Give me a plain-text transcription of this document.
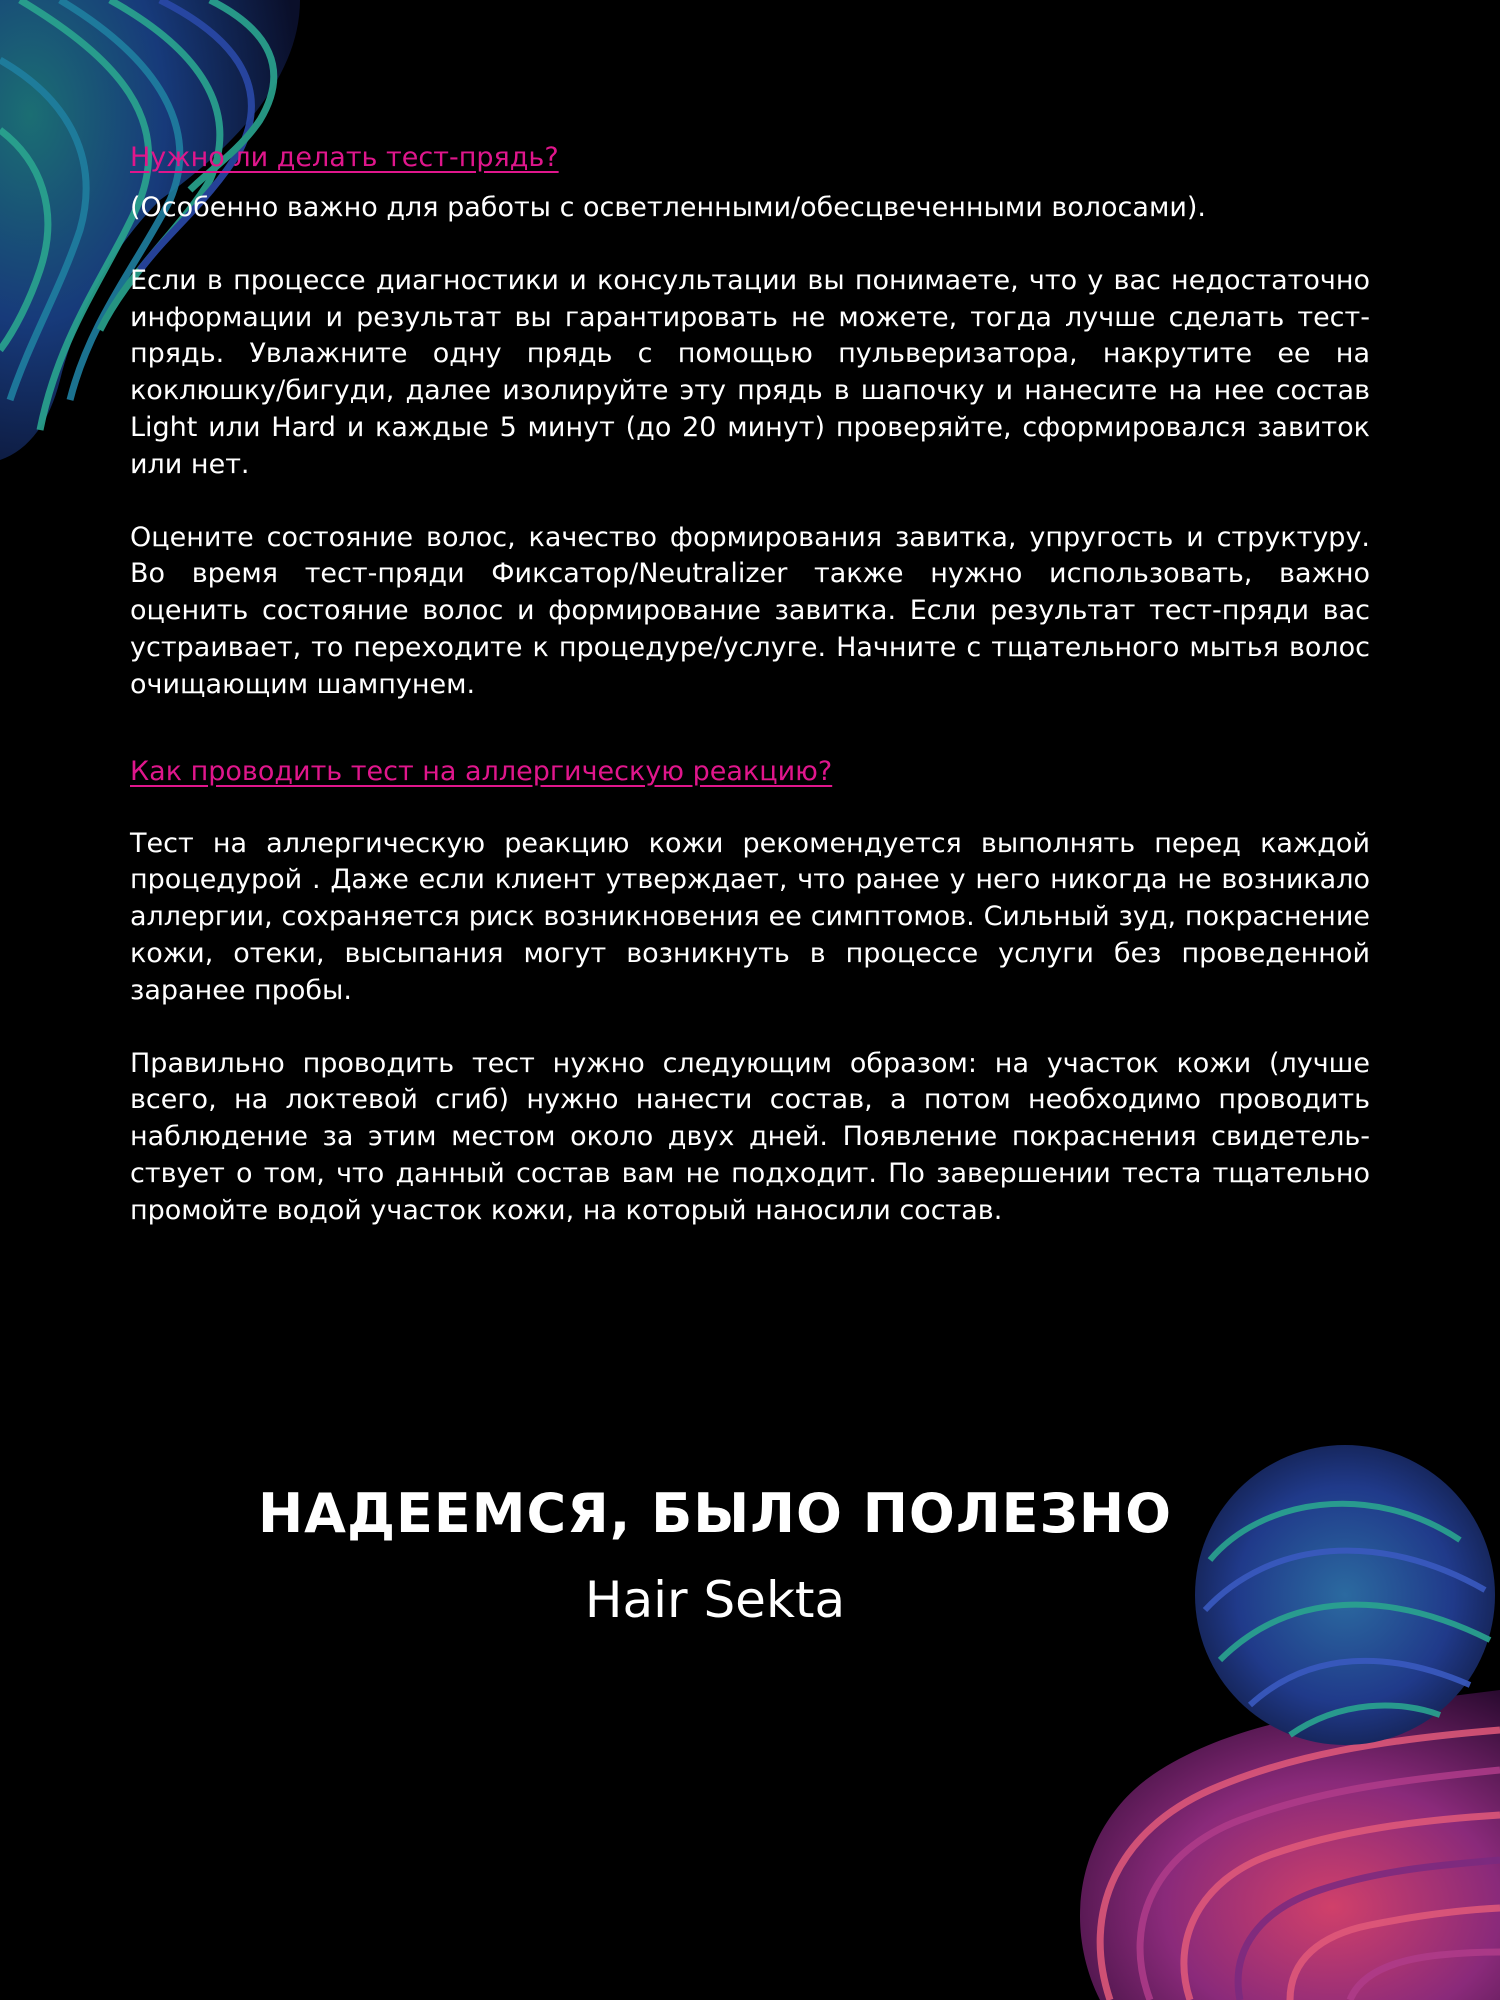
Нужно ли делать тест-прядь?

(Особенно важно для работы с осветленными/обесцвеченными волосами).

Если в процессе диагностики и консультации вы понимаете, что у вас недостаточно информации и результат вы гарантировать не можете, тогда лучше сделать тест-прядь. Увлажните одну прядь с помощью пульверизатора, накрутите ее на коклюшку/бигуди, далее изолируйте эту прядь в шапочку и нанесите на нее состав Light или Hard и каждые 5 минут (до 20 минут) проверяйте, сформировался завиток или нет.

Оцените состояние волос, качество формирования завитка, упругость и структуру. Во время тест-пряди Фиксатор/Neutralizer также нужно использовать, важно оценить состояние волос и формирование завитка. Если результат тест-пряди вас устраивает, то переходите к процедуре/услуге. Начните с тщательного мытья волос очищающим шампунем.

Как проводить тест на аллергическую реакцию?

Тест на аллергическую реакцию кожи рекомендуется выполнять перед каждой процедурой . Даже если клиент утверждает, что ранее у него никогда не возникало аллергии, сохраняется риск возникновения ее симптомов. Сильный зуд, покраснение кожи, отеки, высыпания могут возникнуть в процессе услуги без проведенной заранее пробы.

Правильно проводить тест нужно следующим образом: на участок кожи (лучше всего, на локтевой сгиб) нужно нанести состав, а потом необходимо проводить наблюдение за этим местом около двух дней. Появление покраснения свидетельствует о том, что данный состав вам не подходит. По завершении теста тщательно промойте водой участок кожи, на который наносили состав.

НАДЕЕМСЯ, БЫЛО ПОЛЕЗНО

Hair Sekta
